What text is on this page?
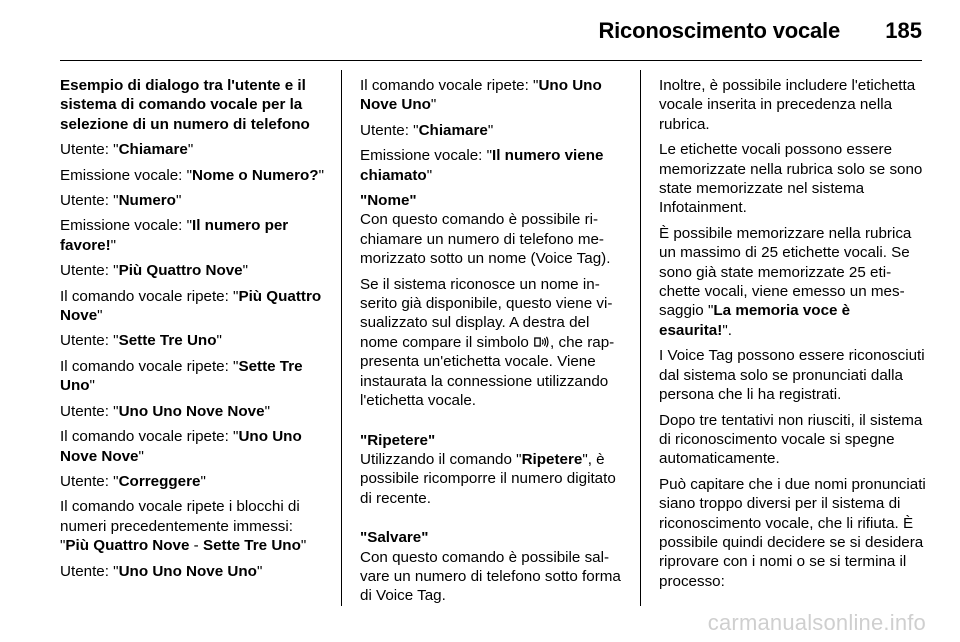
Riconoscimento vocale 185
Esempio di dialogo tra l'utente e il sistema di comando vocale per la selezione di un numero di telefono
Utente: "Chiamare"
Emissione vocale: "Nome o Numero?"
Utente: "Numero"
Emissione vocale: "Il numero per favore!"
Utente: "Più Quattro Nove"
Il comando vocale ripete: "Più Quattro Nove"
Utente: "Sette Tre Uno"
Il comando vocale ripete: "Sette Tre Uno"
Utente: "Uno Uno Nove Nove"
Il comando vocale ripete: "Uno Uno Nove Nove"
Utente: "Correggere"
Il comando vocale ripete i blocchi di numeri precedentemente immessi: "Più Quattro Nove - Sette Tre Uno"
Utente: "Uno Uno Nove Uno"
Il comando vocale ripete: "Uno Uno Nove Uno"
Utente: "Chiamare"
Emissione vocale: "Il numero viene chiamato"
"Nome"
Con questo comando è possibile richiamare un numero di telefono memorizzato sotto un nome (Voice Tag).
Se il sistema riconosce un nome inserito già disponibile, questo viene visualizzato sul display. A destra del nome compare il simbolo , che rappresenta un'etichetta vocale. Viene instaurata la connessione utilizzando l'etichetta vocale.
"Ripetere"
Utilizzando il comando "Ripetere", è possibile ricomporre il numero digitato di recente.
"Salvare"
Con questo comando è possibile salvare un numero di telefono sotto forma di Voice Tag.
Inoltre, è possibile includere l'etichetta vocale inserita in precedenza nella rubrica.
Le etichette vocali possono essere memorizzate nella rubrica solo se sono state memorizzate nel sistema Infotainment.
È possibile memorizzare nella rubrica un massimo di 25 etichette vocali. Se sono già state memorizzate 25 etichette vocali, viene emesso un messaggio "La memoria voce è esaurita!".
I Voice Tag possono essere riconosciuti dal sistema solo se pronunciati dalla persona che li ha registrati.
Dopo tre tentativi non riusciti, il sistema di riconoscimento vocale si spegne automaticamente.
Può capitare che i due nomi pronunciati siano troppo diversi per il sistema di riconoscimento vocale, che li rifiuta. È possibile quindi decidere se si desidera riprovare con i nomi o se si termina il processo:
carmanualsonline.info
